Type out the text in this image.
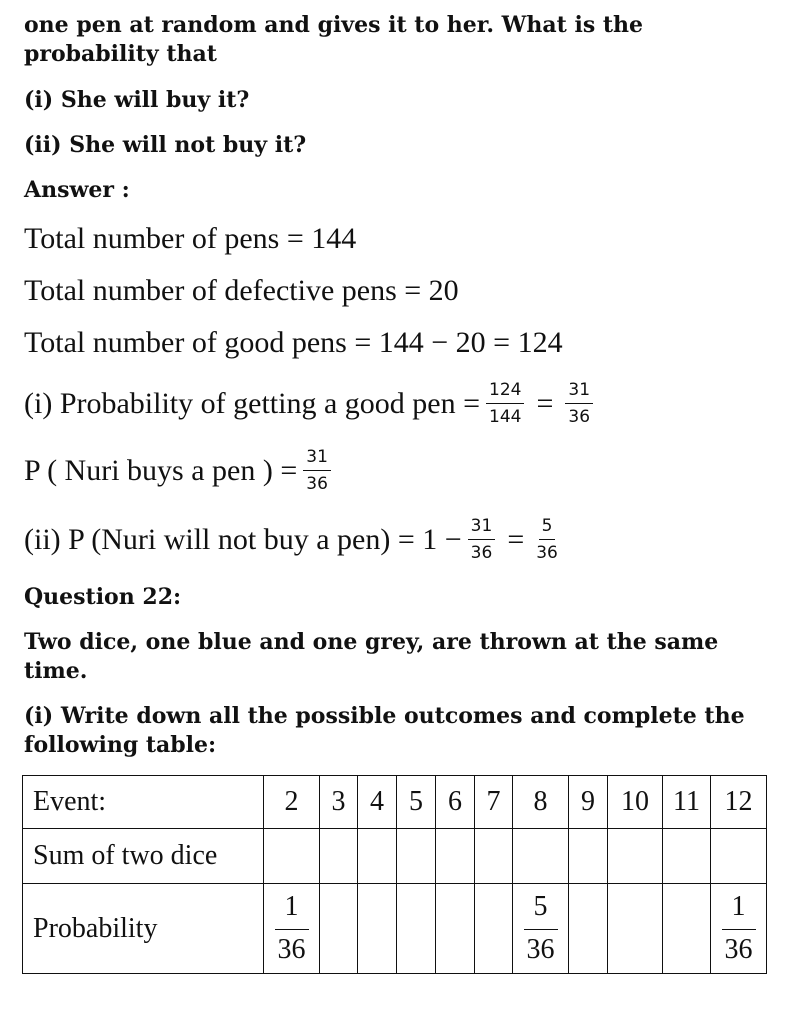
one pen at random and gives it to her. What is the
probability that
(i) She will buy it?
(ii) She will not buy it?
Answer :
Total number of pens = 144
Total number of defective pens = 20
Total number of good pens = 144 − 20 = 124
(i) Probability of getting a good pen = $\frac{124}{144} = \frac{31}{36}$
P ( Nuri buys a pen ) = $\frac{31}{36}$
(ii) P (Nuri will not buy a $pen) = 1 - \frac{31}{36} = \frac{5}{36}$
Question 22:
Two dice, one blue and one grey, are thrown at the same time.
(i) Write down all the possible outcomes and complete the following table:
Event:	2	3	4	5	6	7	8	9	10	11	12
Sum of two dice											
Probability	$\frac{1}{36}$						$\frac{5}{36}$				$\frac{1}{36}$
